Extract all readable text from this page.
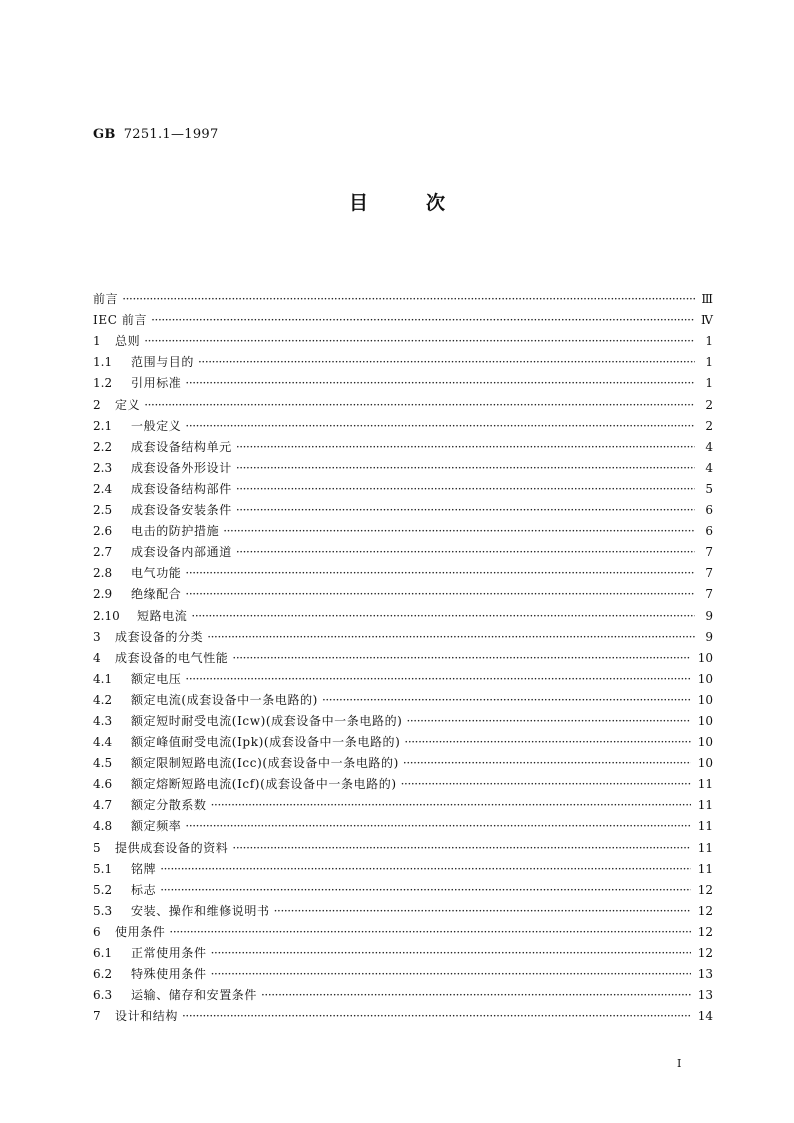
GB 7251.1—1997
目次
前言 ·····	Ⅲ
IEC 前言 ·····	Ⅳ
1	总则 ·····	1
1.1	范围与目的 ·····	1
1.2	引用标准 ·····	1
2	定义 ·····	2
2.1	一般定义 ·····	2
2.2	成套设备结构单元 ·····	4
2.3	成套设备外形设计 ·····	4
2.4	成套设备结构部件 ·····	5
2.5	成套设备安装条件 ·····	6
2.6	电击的防护措施 ·····	6
2.7	成套设备内部通道 ·····	7
2.8	电气功能 ·····	7
2.9	绝缘配合 ·····	7
2.10	短路电流 ·····	9
3	成套设备的分类 ·····	9
4	成套设备的电气性能 ·····	10
4.1	额定电压 ·····	10
4.2	额定电流(成套设备中一条电路的) ·····	10
4.3	额定短时耐受电流(Icw)(成套设备中一条电路的) ·····	10
4.4	额定峰值耐受电流(Ipk)(成套设备中一条电路的) ·····	10
4.5	额定限制短路电流(Icc)(成套设备中一条电路的) ·····	10
4.6	额定熔断短路电流(Icf)(成套设备中一条电路的) ·····	11
4.7	额定分散系数 ·····	11
4.8	额定频率 ·····	11
5	提供成套设备的资料 ·····	11
5.1	铭牌 ·····	11
5.2	标志 ·····	12
5.3	安装、操作和维修说明书 ·····	12
6	使用条件 ·····	12
6.1	正常使用条件 ·····	12
6.2	特殊使用条件 ·····	13
6.3	运输、储存和安置条件 ·····	13
7	设计和结构 ·····	14
I
